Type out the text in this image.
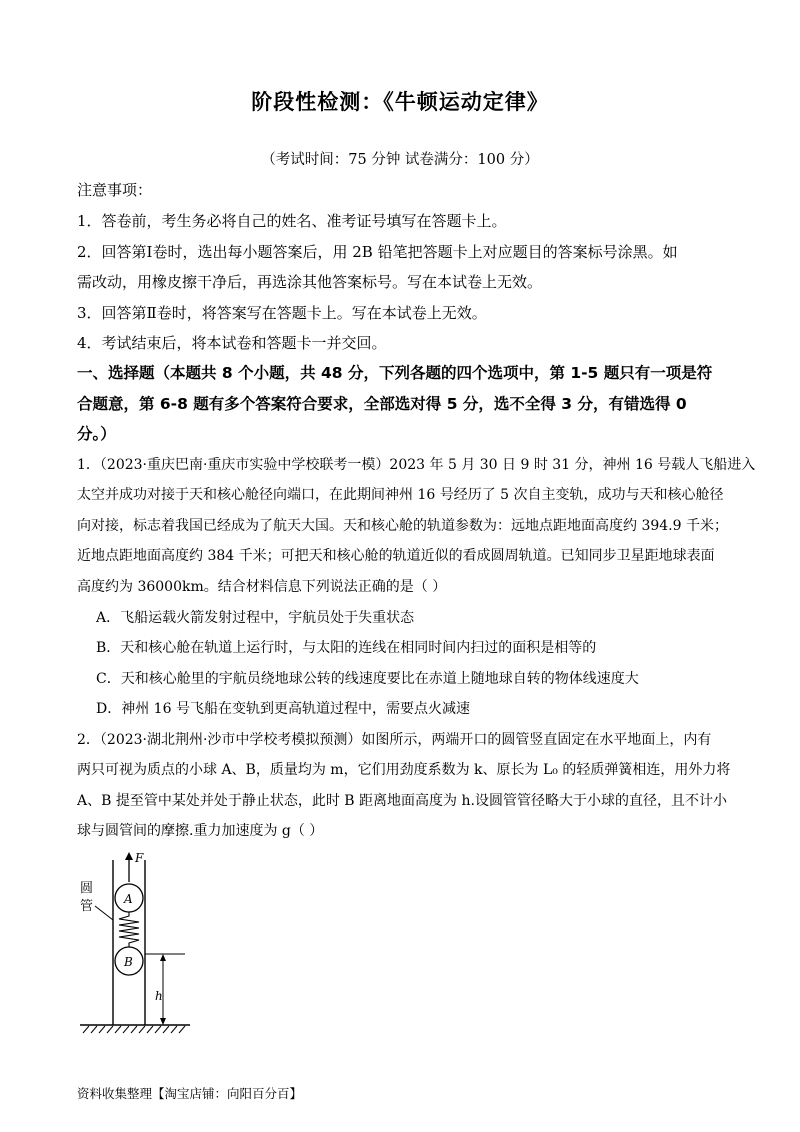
阶段性检测：《牛顿运动定律》
（考试时间：75 分钟 试卷满分：100 分）
注意事项：
1．答卷前，考生务必将自己的姓名、准考证号填写在答题卡上。
2．回答第Ⅰ卷时，选出每小题答案后，用 2B 铅笔把答题卡上对应题目的答案标号涂黑。如
需改动，用橡皮擦干净后，再选涂其他答案标号。写在本试卷上无效。
3．回答第Ⅱ卷时，将答案写在答题卡上。写在本试卷上无效。
4．考试结束后，将本试卷和答题卡一并交回。
一、选择题（本题共 8 个小题，共 48 分，下列各题的四个选项中，第 1-5 题只有一项是符
合题意，第 6-8 题有多个答案符合要求，全部选对得 5 分，选不全得 3 分，有错选得 0
分。）
1．（2023·重庆巴南·重庆市实验中学校联考一模）2023 年 5 月 30 日 9 时 31 分，神州 16 号载人飞船进入
太空并成功对接于天和核心舱径向端口，在此期间神州 16 号经历了 5 次自主变轨，成功与天和核心舱径
向对接，标志着我国已经成为了航天大国。天和核心舱的轨道参数为：远地点距地面高度约 394.9 千米；
近地点距地面高度约 384 千米；可把天和核心舱的轨道近似的看成圆周轨道。已知同步卫星距地球表面
高度约为 36000km。结合材料信息下列说法正确的是（ ）
A．飞船运载火箭发射过程中，宇航员处于失重状态
B．天和核心舱在轨道上运行时，与太阳的连线在相同时间内扫过的面积是相等的
C．天和核心舱里的宇航员绕地球公转的线速度要比在赤道上随地球自转的物体线速度大
D．神州 16 号飞船在变轨到更高轨道过程中，需要点火减速
2．（2023·湖北荆州·沙市中学校考模拟预测）如图所示，两端开口的圆管竖直固定在水平地面上，内有
两只可视为质点的小球 A、B，质量均为 m，它们用劲度系数为 k、原长为 L₀ 的轻质弹簧相连，用外力将
A、B 提至管中某处并处于静止状态，此时 B 距离地面高度为 h.设圆管管径略大于小球的直径，且不计小
球与圆管间的摩擦.重力加速度为 g（ ）
F
圆
管	A
B
h
资料收集整理【淘宝店铺：向阳百分百】
